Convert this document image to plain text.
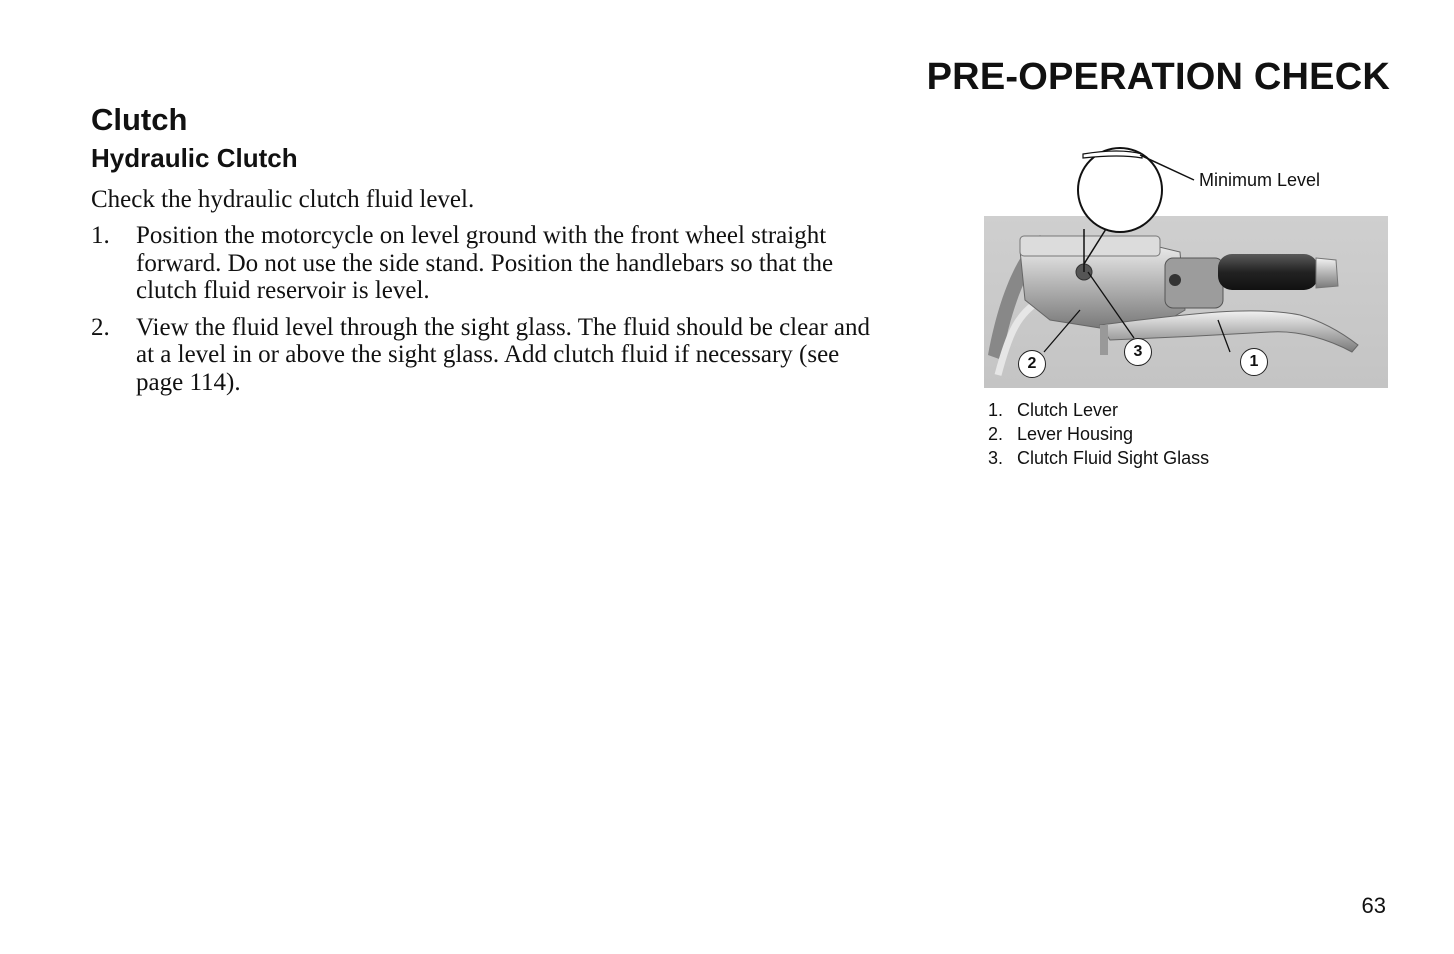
PRE-OPERATION CHECK
Clutch
Hydraulic Clutch

Check the hydraulic clutch fluid level.

1.	Position the motorcycle on level ground with the front wheel straight forward. Do not use the side stand. Position the handlebars so that the clutch fluid reservoir is level.
2.	View the fluid level through the sight glass. The fluid should be clear and at a level in or above the sight glass. Add clutch fluid if necessary (see page 114).
Minimum Level
1
2
3
1. Clutch Lever
2. Lever Housing
3. Clutch Fluid Sight Glass
63
